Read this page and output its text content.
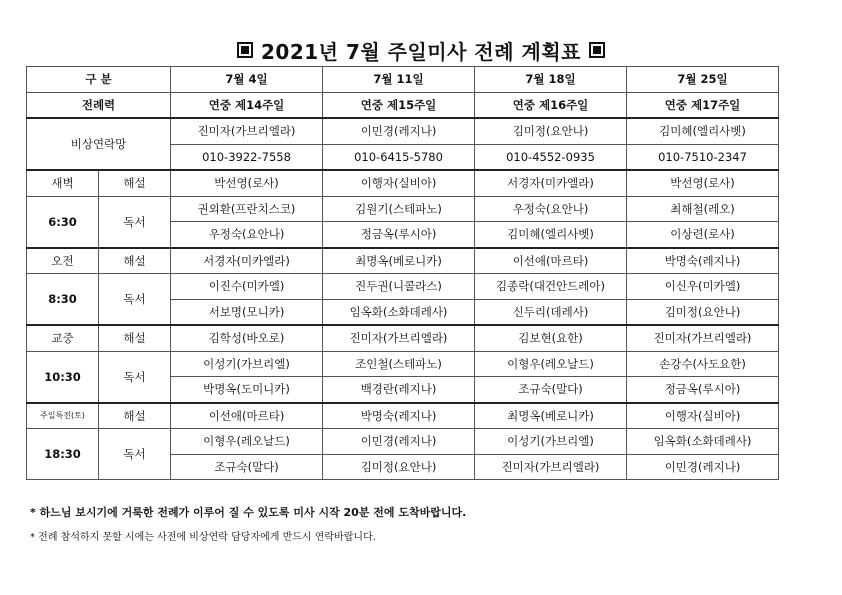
2021년 7월 주일미사 전례 계획표
구 분		7월 4일	7월 11일	7월 18일	7월 25일
전례력		연중 제14주일	연중 제15주일	연중 제16주일	연중 제17주일
비상연락망		진미자(가브리엘라)	이민경(레지나)	김미정(요안나)	김미혜(엘리사벳)
		010-3922-7558	010-6415-5780	010-4552-0935	010-7510-2347
새벽	해설	박선영(로사)	이행자(실비아)	서경자(미카엘라)	박선영(로사)
6:30	독서	권외환(프란치스코)	김원기(스테파노)	우정숙(요안나)	최해철(레오)
		우정숙(요안나)	정금옥(루시아)	김미혜(엘리사벳)	이상련(로사)
오전	해설	서경자(미카엘라)	최명옥(베로니카)	이선애(마르타)	박명숙(레지나)
8:30	독서	이진수(미카엘)	진두권(니콜라스)	김종락(대건안드레아)	이신우(미카엘)
		서보명(모니카)	임옥화(소화데레사)	신두리(데레사)	김미정(요안나)
교중	해설	김학성(바오로)	진미자(가브리엘라)	김보현(요한)	진미자(가브리엘라)
10:30	독서	이성기(가브리엘)	조인철(스테파노)	이형우(레오날드)	손강수(사도요한)
		박명옥(도미니카)	백경란(레지나)	조규숙(말다)	정금옥(루시아)
주일특전(토)	해설	이선애(마르타)	박명숙(레지나)	최명옥(베로니카)	이행자(실비아)
18:30	독서	이형우(레오날드)	이민경(레지나)	이성기(가브리엘)	임옥화(소화데레사)
		조규숙(말다)	김미정(요안나)	진미자(가브리엘라)	이민경(레지나)
* 하느님 보시기에 거룩한 전례가 이루어 질 수 있도록 미사 시작 20분 전에 도착바랍니다.
* 전례 참석하지 못할 시에는 사전에 비상연락 담당자에게 반드시 연락바랍니다.
